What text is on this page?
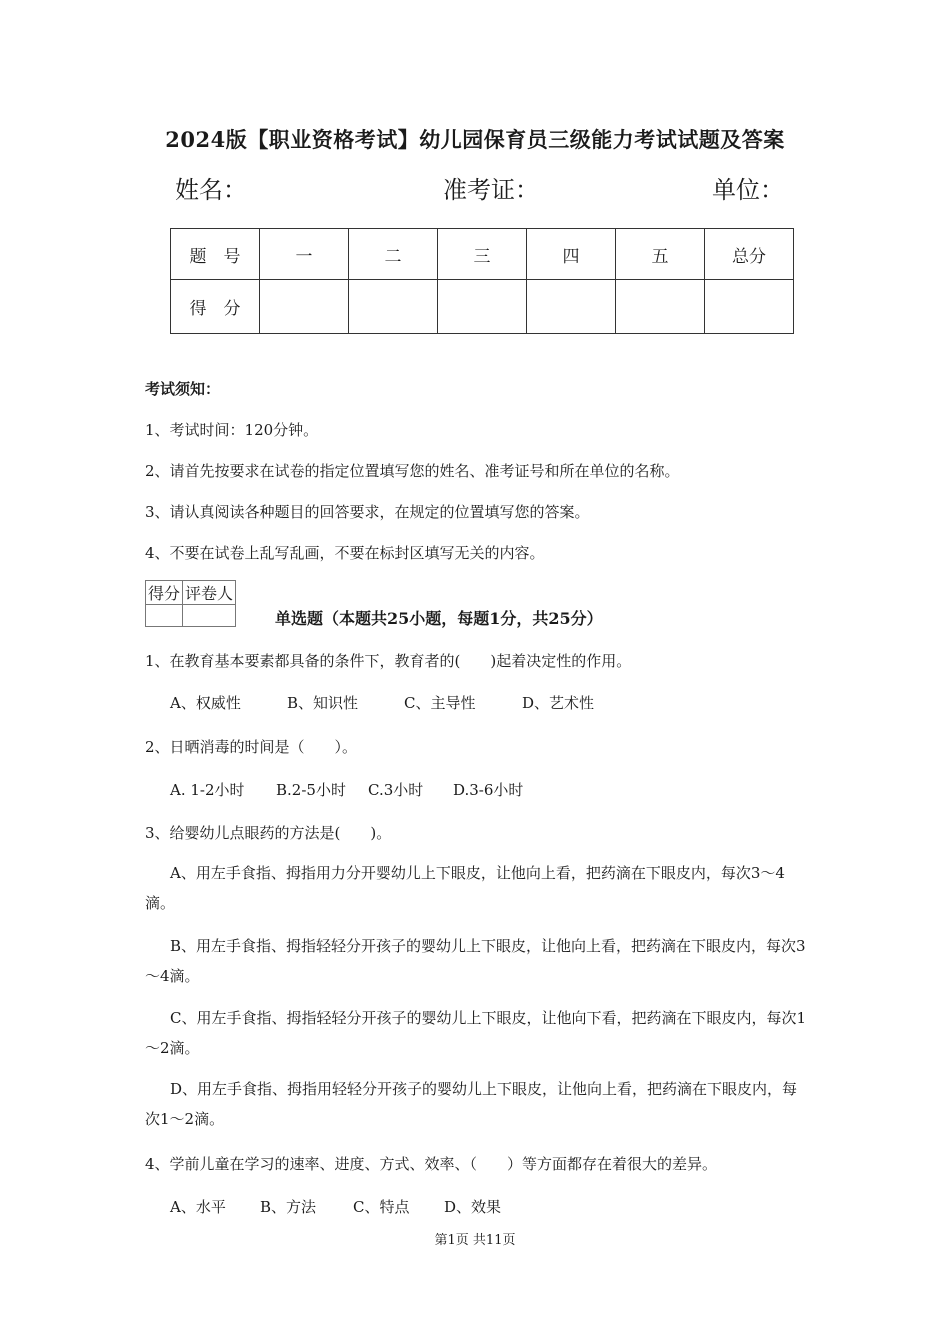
2024版【职业资格考试】幼儿园保育员三级能力考试试题及答案
姓名：	准考证：	单位：
题　号	一	二	三	四	五	总分
得　分						
考试须知：
1、考试时间：120分钟。
2、请首先按要求在试卷的指定位置填写您的姓名、准考证号和所在单位的名称。
3、请认真阅读各种题目的回答要求，在规定的位置填写您的答案。
4、不要在试卷上乱写乱画，不要在标封区填写无关的内容。
得分	评卷人

单选题（本题共25小题，每题1分，共25分）
1、在教育基本要素都具备的条件下，教育者的(　　)起着决定性的作用。
A、权威性	B、知识性	C、主导性	D、艺术性
2、日晒消毒的时间是（　　）。
A. 1-2小时 B.2-5小时 C.3小时 D.3-6小时
3、给婴幼儿点眼药的方法是(　　)。
A、用左手食指、拇指用力分开婴幼儿上下眼皮，让他向上看，把药滴在下眼皮内，每次3～4滴。
B、用左手食指、拇指轻轻分开孩子的婴幼儿上下眼皮，让他向上看，把药滴在下眼皮内，每次3～4滴。
C、用左手食指、拇指轻轻分开孩子的婴幼儿上下眼皮，让他向下看，把药滴在下眼皮内，每次1～2滴。
D、用左手食指、拇指用轻轻分开孩子的婴幼儿上下眼皮，让他向上看，把药滴在下眼皮内，每次1～2滴。
4、学前儿童在学习的速率、进度、方式、效率、（　　）等方面都存在着很大的差异。
A、水平 B、方法 C、特点 D、效果
第1页 共11页
